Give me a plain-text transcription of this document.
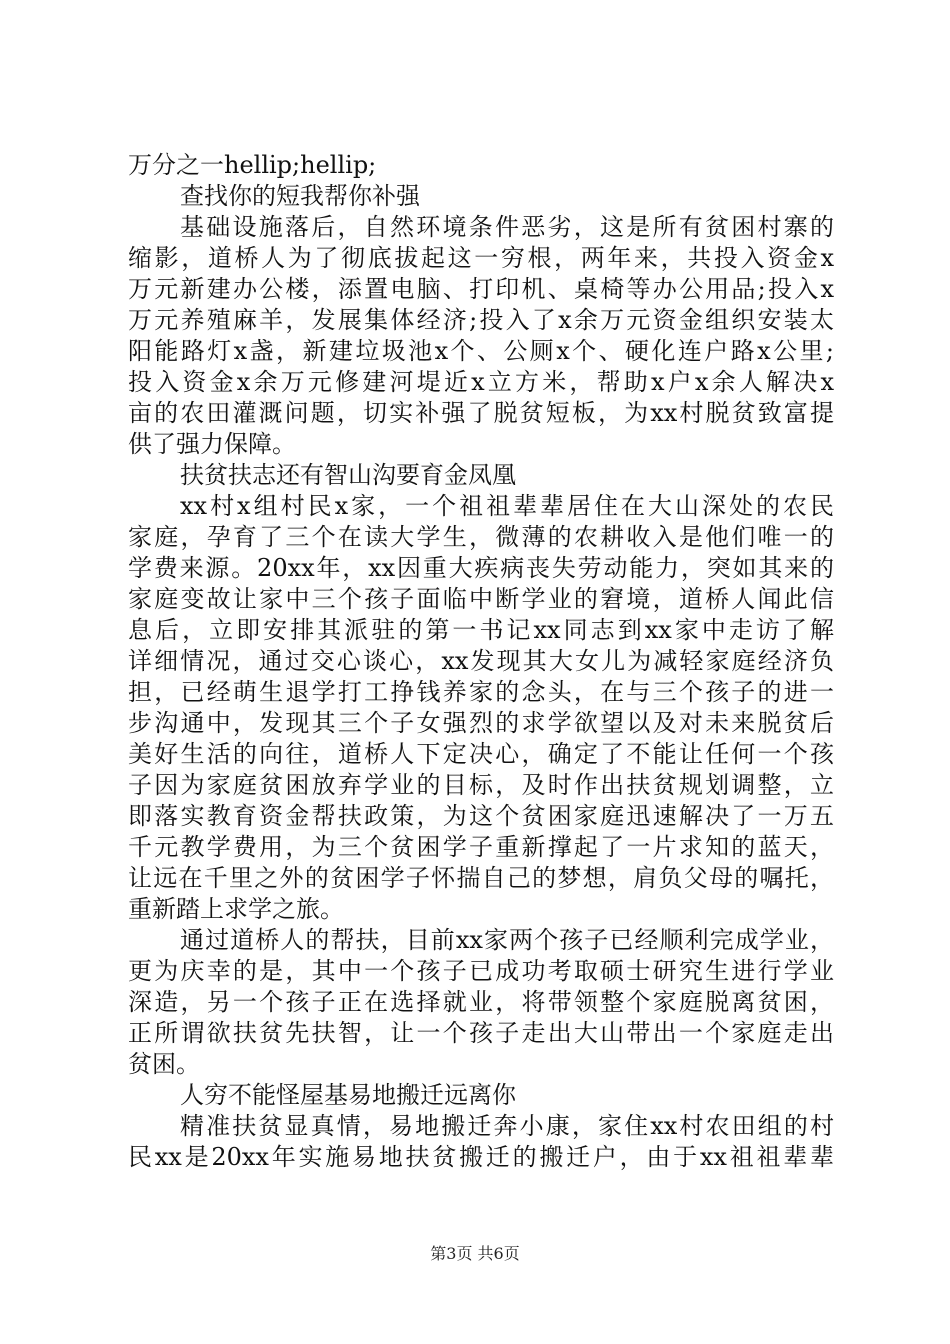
万分之一hellip;hellip;
查找你的短我帮你补强
基础设施落后，自然环境条件恶劣，这是所有贫困村寨的
缩影，道桥人为了彻底拔起这一穷根，两年来，共投入资金x
万元新建办公楼，添置电脑、打印机、桌椅等办公用品;投入x
万元养殖麻羊，发展集体经济;投入了x余万元资金组织安装太
阳能路灯x盏，新建垃圾池x个、公厕x个、硬化连户路x公里;
投入资金x余万元修建河堤近x立方米，帮助x户x余人解决x
亩的农田灌溉问题，切实补强了脱贫短板，为xx村脱贫致富提
供了强力保障。
扶贫扶志还有智山沟要育金凤凰
xx村x组村民x家，一个祖祖辈辈居住在大山深处的农民
家庭，孕育了三个在读大学生，微薄的农耕收入是他们唯一的
学费来源。20xx年，xx因重大疾病丧失劳动能力，突如其来的
家庭变故让家中三个孩子面临中断学业的窘境，道桥人闻此信
息后，立即安排其派驻的第一书记xx同志到xx家中走访了解
详细情况，通过交心谈心，xx发现其大女儿为减轻家庭经济负
担，已经萌生退学打工挣钱养家的念头，在与三个孩子的进一
步沟通中，发现其三个子女强烈的求学欲望以及对未来脱贫后
美好生活的向往，道桥人下定决心，确定了不能让任何一个孩
子因为家庭贫困放弃学业的目标，及时作出扶贫规划调整，立
即落实教育资金帮扶政策，为这个贫困家庭迅速解决了一万五
千元教学费用，为三个贫困学子重新撑起了一片求知的蓝天，
让远在千里之外的贫困学子怀揣自己的梦想，肩负父母的嘱托，
重新踏上求学之旅。
通过道桥人的帮扶，目前xx家两个孩子已经顺利完成学业，
更为庆幸的是，其中一个孩子已成功考取硕士研究生进行学业
深造，另一个孩子正在选择就业，将带领整个家庭脱离贫困，
正所谓欲扶贫先扶智，让一个孩子走出大山带出一个家庭走出
贫困。
人穷不能怪屋基易地搬迁远离你
精准扶贫显真情，易地搬迁奔小康，家住xx村农田组的村
民xx是20xx年实施易地扶贫搬迁的搬迁户，由于xx祖祖辈辈
第3页 共6页
